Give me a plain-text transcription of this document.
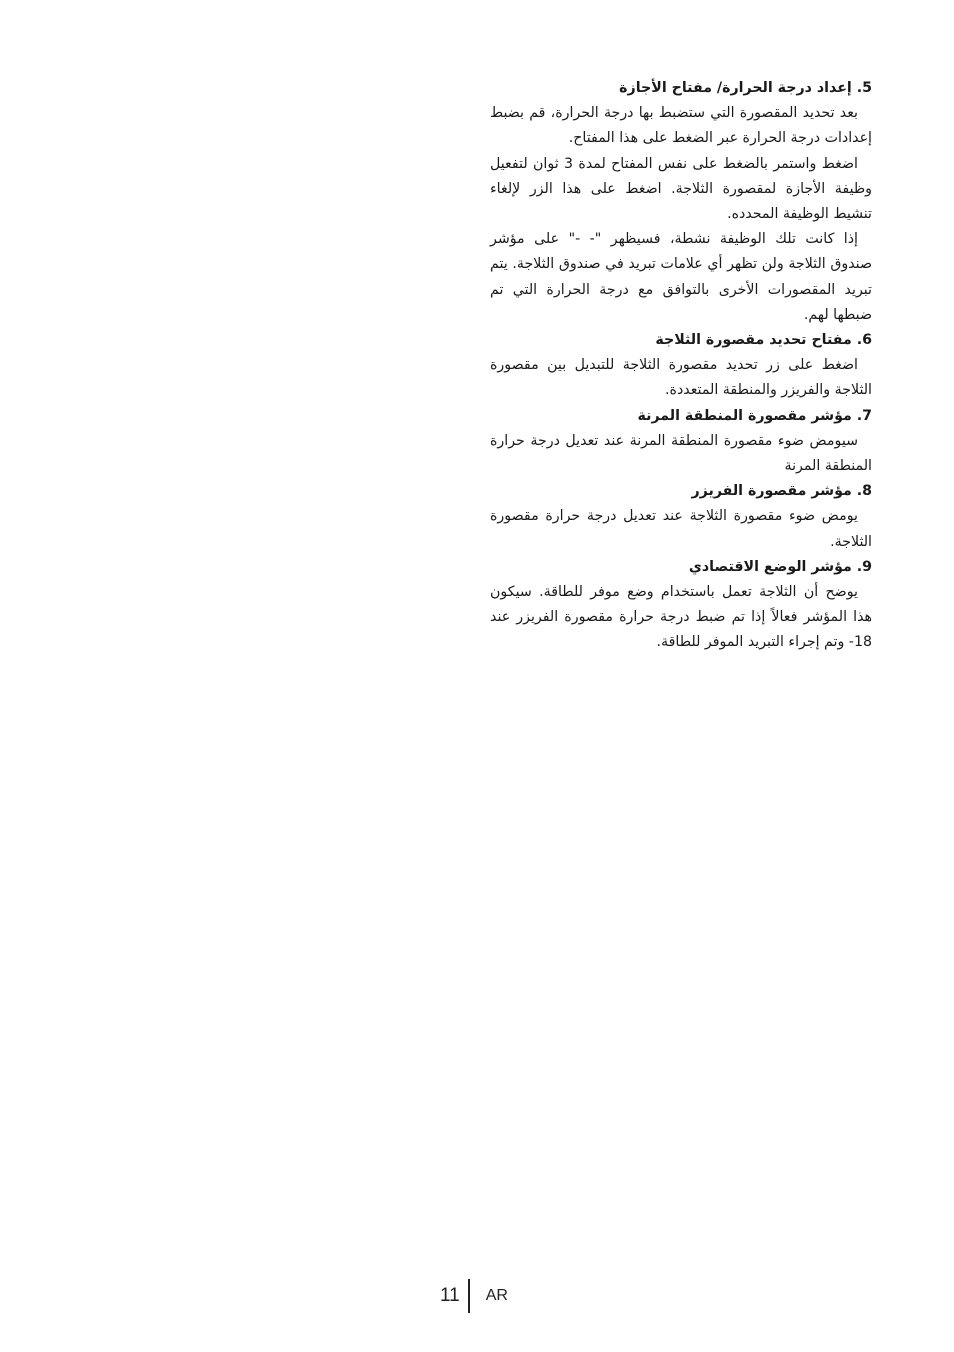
5. إعداد درجة الحرارة/ مفتاح الأجازة

بعد تحديد المقصورة التي ستضبط بها درجة الحرارة، قم بضبط إعدادات درجة الحرارة عبر الضغط على هذا المفتاح.

اضغط واستمر بالضغط على نفس المفتاح لمدة 3 ثوان لتفعيل وظيفة الأجازة لمقصورة الثلاجة. اضغط على هذا الزر لإلغاء تنشيط الوظيفة المحدده.

إذا كانت تلك الوظيفة نشطة، فسيظهر "- -" على مؤشر صندوق الثلاجة ولن تظهر أي علامات تبريد في صندوق الثلاجة. يتم تبريد المقصورات الأخرى بالتوافق مع درجة الحرارة التي تم ضبطها لهم.

6. مفتاح تحديد مقصورة الثلاجة

اضغط على زر تحديد مقصورة الثلاجة للتبديل بين مقصورة الثلاجة والفريزر والمنطقة المتعددة.

7. مؤشر مقصورة المنطقة المرنة

سيومض ضوء مقصورة المنطقة المرنة عند تعديل درجة حرارة المنطقة المرنة

8. مؤشر مقصورة الفريزر

يومض ضوء مقصورة الثلاجة عند تعديل درجة حرارة مقصورة الثلاجة.

9. مؤشر الوضع الاقتصادي

يوضح أن الثلاجة تعمل باستخدام وضع موفر للطاقة. سيكون هذا المؤشر فعالاً إذا تم ضبط درجة حرارة مقصورة الفريزر عند 18- وتم إجراء التبريد الموفر للطاقة.

11	AR
